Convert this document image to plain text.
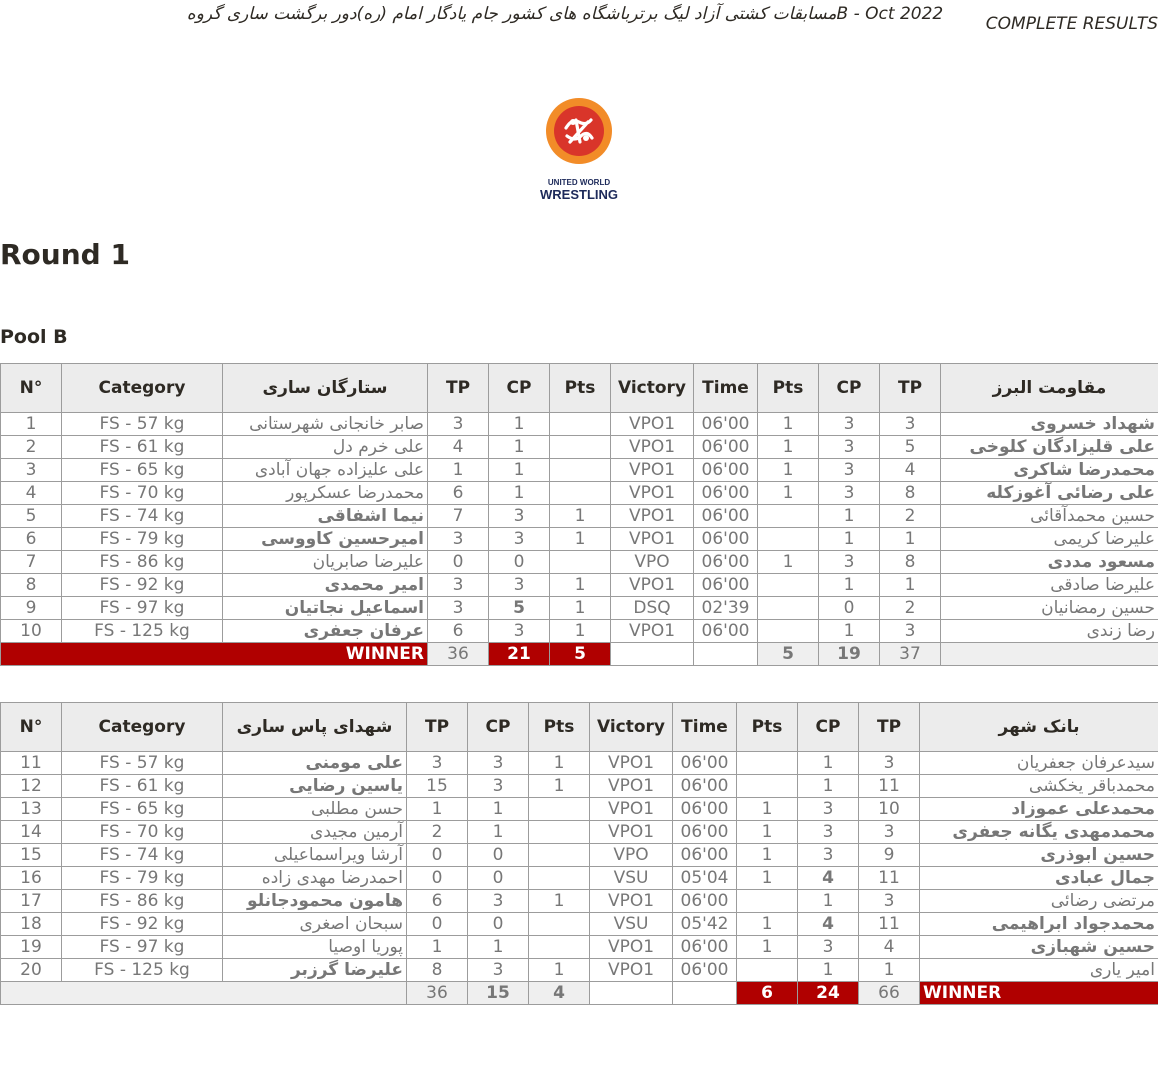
مسابقات کشتی آزاد لیگ برترباشگاه های کشور جام یادگار امام (ره)دور برگشت ساری گروهB - Oct 2022	COMPLETE RESULTS
UNITED WORLD
WRESTLING
Round 1
Pool B
N°	Category	ستارگان ساری	TP	CP	Pts	Victory	Time	Pts	CP	TP	مقاومت البرز
1	FS - 57 kg	صابر خانجانی شهرستانی	3	1		VPO1	06'00	1	3	3	شهداد خسروی
2	FS - 61 kg	علی خرم دل	4	1		VPO1	06'00	1	3	5	علی قلیزادگان کلوخی
3	FS - 65 kg	علی علیزاده جهان آبادی	1	1		VPO1	06'00	1	3	4	محمدرضا شاکری
4	FS - 70 kg	محمدرضا عسکرپور	6	1		VPO1	06'00	1	3	8	علی رضائی آغوزکله
5	FS - 74 kg	نیما اشفاقی	7	3	1	VPO1	06'00		1	2	حسین محمدآقائی
6	FS - 79 kg	امیرحسین کاووسی	3	3	1	VPO1	06'00		1	1	علیرضا کریمی
7	FS - 86 kg	علیرضا صابریان	0	0		VPO	06'00	1	3	8	مسعود مددی
8	FS - 92 kg	امیر محمدی	3	3	1	VPO1	06'00		1	1	علیرضا صادقی
9	FS - 97 kg	اسماعیل نجاتیان	3	5	1	DSQ	02'39		0	2	حسین رمضانیان
10	FS - 125 kg	عرفان جعفری	6	3	1	VPO1	06'00		1	3	رضا زندی
WINNER			36	21	5			5	19	37	
N°	Category	شهدای پاس ساری	TP	CP	Pts	Victory	Time	Pts	CP	TP	بانک شهر
11	FS - 57 kg	علی مومنی	3	3	1	VPO1	06'00		1	3	سیدعرفان جعفریان
12	FS - 61 kg	یاسین رضایی	15	3	1	VPO1	06'00		1	11	محمدباقر یخکشی
13	FS - 65 kg	حسن مطلبی	1	1		VPO1	06'00	1	3	10	محمدعلی عموزاد
14	FS - 70 kg	آرمین مجیدی	2	1		VPO1	06'00	1	3	3	محمدمهدی یگانه جعفری
15	FS - 74 kg	آرشا ویراسماعیلی	0	0		VPO	06'00	1	3	9	حسین ابوذری
16	FS - 79 kg	احمدرضا مهدی زاده	0	0		VSU	05'04	1	4	11	جمال عبادی
17	FS - 86 kg	هامون محمودجانلو	6	3	1	VPO1	06'00		1	3	مرتضی رضائی
18	FS - 92 kg	سبحان اصغری	0	0		VSU	05'42	1	4	11	محمدجواد ابراهیمی
19	FS - 97 kg	پوریا اوصیا	1	1		VPO1	06'00	1	3	4	حسین شهبازی
20	FS - 125 kg	علیرضا گرزبر	8	3	1	VPO1	06'00		1	1	امیر یاری
			36	15	4			6	24	66	WINNER
